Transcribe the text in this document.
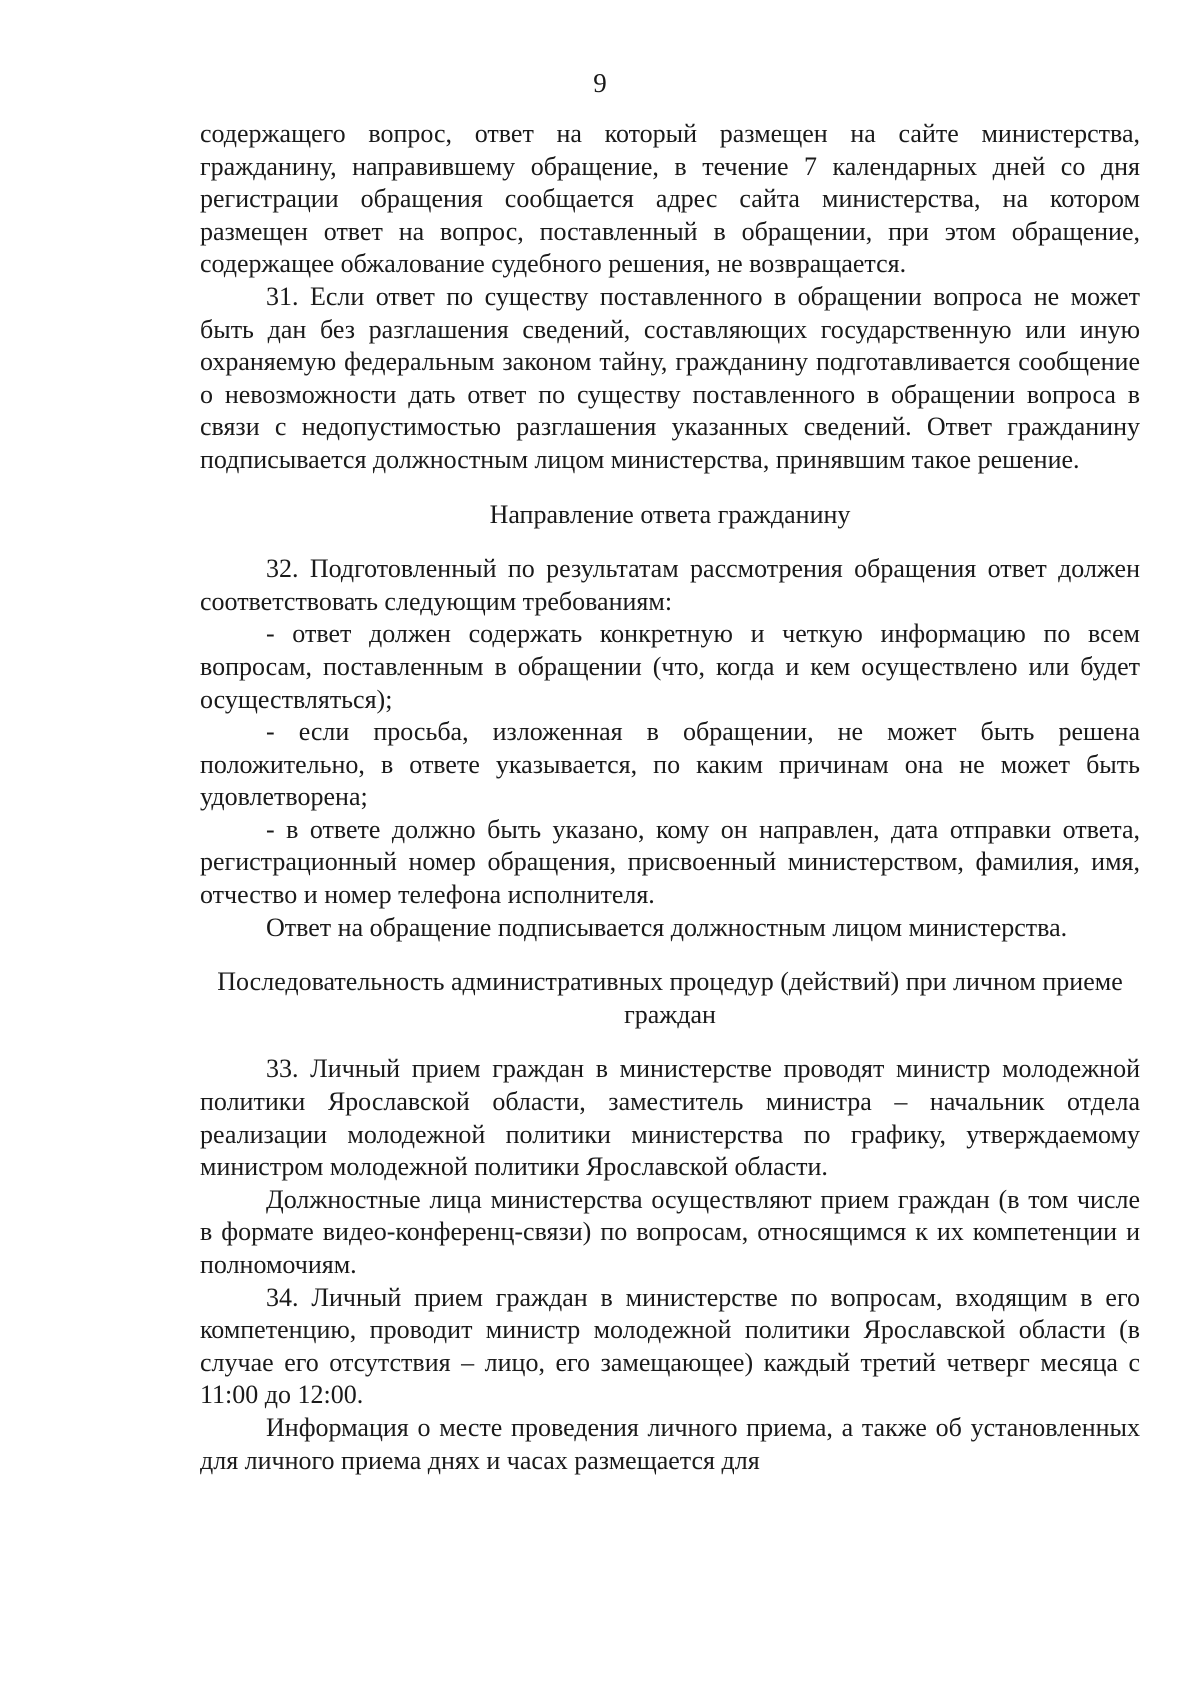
9

содержащего вопрос, ответ на который размещен на сайте министерства, гражданину, направившему обращение, в течение 7 календарных дней со дня регистрации обращения сообщается адрес сайта министерства, на котором размещен ответ на вопрос, поставленный в обращении, при этом обращение, содержащее обжалование судебного решения, не возвращается.

31. Если ответ по существу поставленного в обращении вопроса не может быть дан без разглашения сведений, составляющих государственную или иную охраняемую федеральным законом тайну, гражданину подготавливается сообщение о невозможности дать ответ по существу поставленного в обращении вопроса в связи с недопустимостью разглашения указанных сведений. Ответ гражданину подписывается должностным лицом министерства, принявшим такое решение.

Направление ответа гражданину

32. Подготовленный по результатам рассмотрения обращения ответ должен соответствовать следующим требованиям:

- ответ должен содержать конкретную и четкую информацию по всем вопросам, поставленным в обращении (что, когда и кем осуществлено или будет осуществляться);

- если просьба, изложенная в обращении, не может быть решена положительно, в ответе указывается, по каким причинам она не может быть удовлетворена;

- в ответе должно быть указано, кому он направлен, дата отправки ответа, регистрационный номер обращения, присвоенный министерством, фамилия, имя, отчество и номер телефона исполнителя.

Ответ на обращение подписывается должностным лицом министерства.

Последовательность административных процедур (действий) при личном приеме граждан

33. Личный прием граждан в министерстве проводят министр молодежной политики Ярославской области, заместитель министра – начальник отдела реализации молодежной политики министерства по графику, утверждаемому министром молодежной политики Ярославской области.

Должностные лица министерства осуществляют прием граждан (в том числе в формате видео-конференц-связи) по вопросам, относящимся к их компетенции и полномочиям.

34. Личный прием граждан в министерстве по вопросам, входящим в его компетенцию, проводит министр молодежной политики Ярославской области (в случае его отсутствия – лицо, его замещающее) каждый третий четверг месяца с 11:00 до 12:00.

Информация о месте проведения личного приема, а также об установленных для личного приема днях и часах размещается для
